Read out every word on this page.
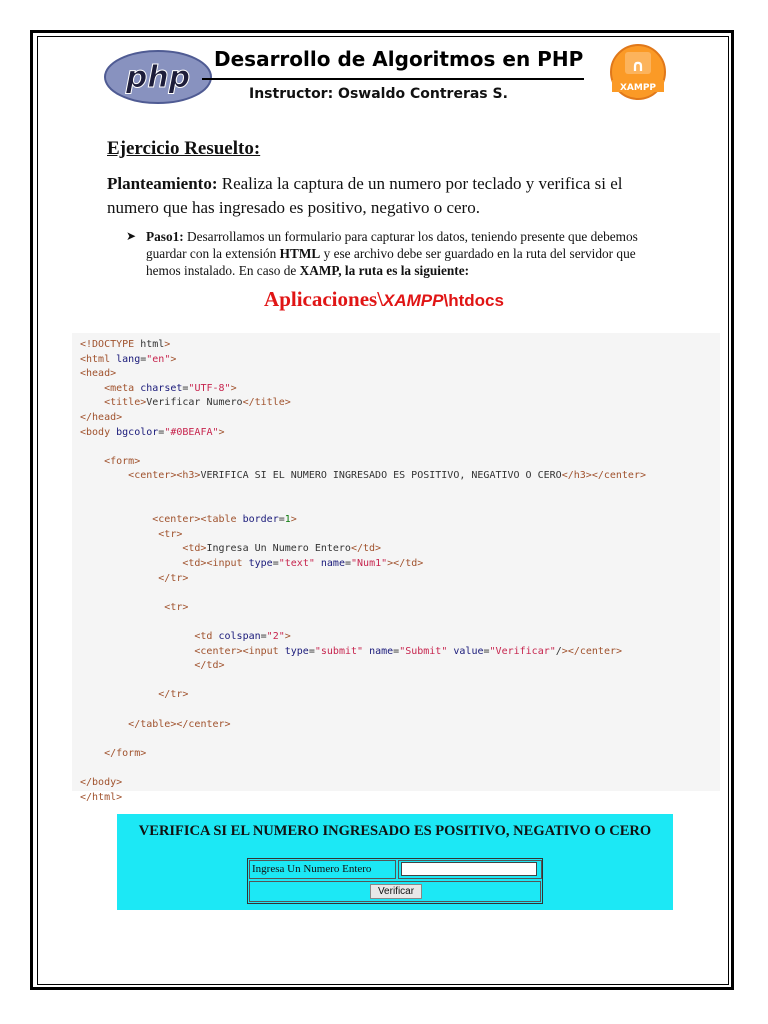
php
Desarrollo de Algoritmos en PHP
Instructor: Oswaldo Contreras S.
∩
XAMPP
Ejercicio Resuelto:
Planteamiento: Realiza la captura de un numero por teclado y verifica si el numero que has ingresado es positivo, negativo o cero.
➤ Paso1: Desarrollamos un formulario para capturar los datos, teniendo presente que debemos guardar con la extensión HTML y ese archivo debe ser guardado en la ruta del servidor que hemos instalado. En caso de XAMP, la ruta es la siguiente:
Aplicaciones\XAMPP\htdocs
<!DOCTYPE html>
<html lang="en">
<head>
<meta charset="UTF-8">
<title>Verificar Numero</title>
</head>
<body bgcolor="#0BEAFA">
<form>
<center><h3>VERIFICA SI EL NUMERO INGRESADO ES POSITIVO, NEGATIVO O CERO</h3></center>
<center><table border=1>
<tr>
<td>Ingresa Un Numero Entero</td>
<td><input type="text" name="Num1"></td>
</tr>
<tr>
<td colspan="2">
<center><input type="submit" name="Submit" value="Verificar"/></center>
</td>
</tr>
</table></center>
</form>
</body>
</html>
VERIFICA SI EL NUMERO INGRESADO ES POSITIVO, NEGATIVO O CERO
Ingresa Un Numero Entero
Verificar
